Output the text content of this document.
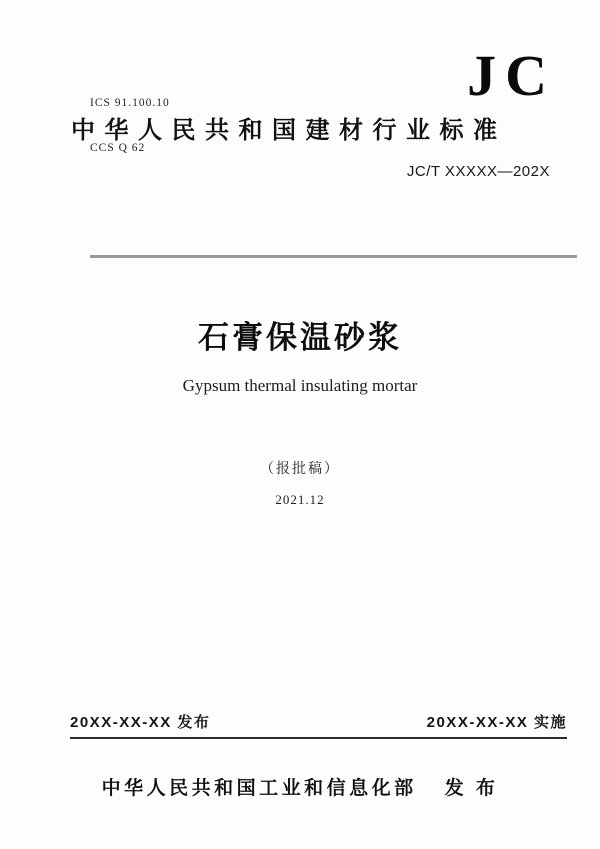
ICS 91.100.10

CCS Q 62

JC
中华人民共和国建材行业标准
JC/T XXXXX—202X
石膏保温砂浆
Gypsum thermal insulating mortar
（报批稿）
2021.12
20XX-XX-XX 发布	20XX-XX-XX 实施
中华人民共和国工业和信息化部 发 布
